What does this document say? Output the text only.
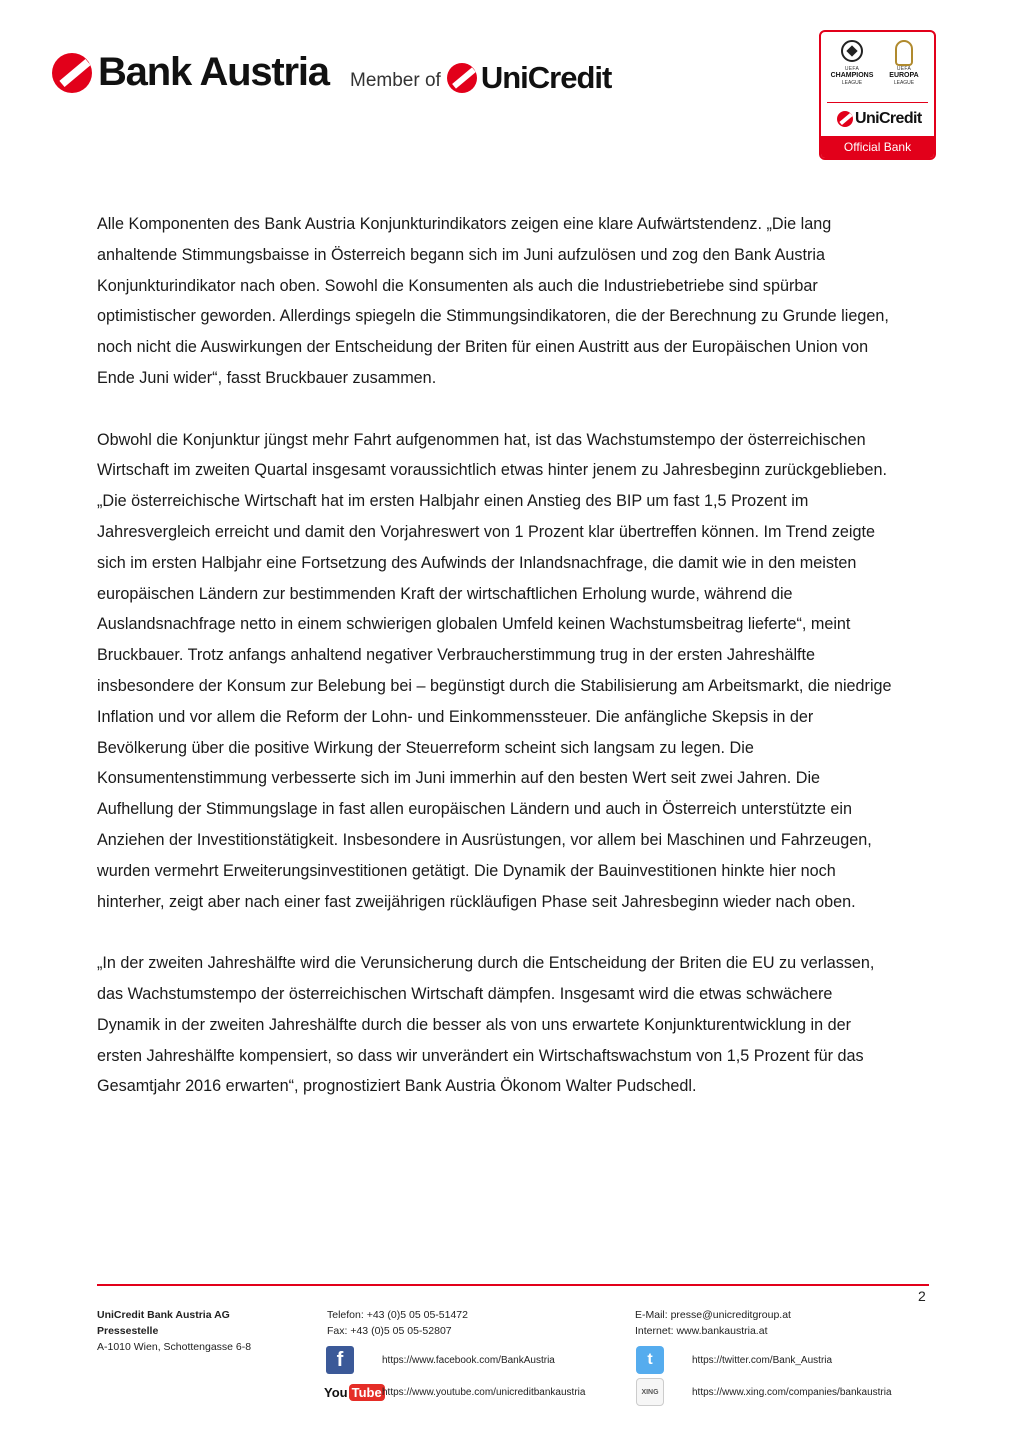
Bank Austria Member of UniCredit	UEFA
CHAMPIONS
LEAGUE
UEFA
EUROPA
LEAGUE
UniCredit
Official Bank

Alle Komponenten des Bank Austria Konjunkturindikators zeigen eine klare Aufwärtstendenz. „Die lang anhaltende Stimmungsbaisse in Österreich begann sich im Juni aufzulösen und zog den Bank Austria Konjunkturindikator nach oben. Sowohl die Konsumenten als auch die Industriebetriebe sind spürbar optimistischer geworden. Allerdings spiegeln die Stimmungsindikatoren, die der Berechnung zu Grunde liegen, noch nicht die Auswirkungen der Entscheidung der Briten für einen Austritt aus der Europäischen Union von Ende Juni wider“, fasst Bruckbauer zusammen.

Obwohl die Konjunktur jüngst mehr Fahrt aufgenommen hat, ist das Wachstumstempo der österreichischen Wirtschaft im zweiten Quartal insgesamt voraussichtlich etwas hinter jenem zu Jahresbeginn zurückgeblieben. „Die österreichische Wirtschaft hat im ersten Halbjahr einen Anstieg des BIP um fast 1,5 Prozent im Jahresvergleich erreicht und damit den Vorjahreswert von 1 Prozent klar übertreffen können. Im Trend zeigte sich im ersten Halbjahr eine Fortsetzung des Aufwinds der Inlandsnachfrage, die damit wie in den meisten europäischen Ländern zur bestimmenden Kraft der wirtschaftlichen Erholung wurde, während die Auslandsnachfrage netto in einem schwierigen globalen Umfeld keinen Wachstumsbeitrag lieferte“, meint Bruckbauer. Trotz anfangs anhaltend negativer Verbraucherstimmung trug in der ersten Jahreshälfte insbesondere der Konsum zur Belebung bei – begünstigt durch die Stabilisierung am Arbeitsmarkt, die niedrige Inflation und vor allem die Reform der Lohn- und Einkommenssteuer. Die anfängliche Skepsis in der Bevölkerung über die positive Wirkung der Steuerreform scheint sich langsam zu legen. Die Konsumentenstimmung verbesserte sich im Juni immerhin auf den besten Wert seit zwei Jahren. Die Aufhellung der Stimmungslage in fast allen europäischen Ländern und auch in Österreich unterstützte ein Anziehen der Investitionstätigkeit. Insbesondere in Ausrüstungen, vor allem bei Maschinen und Fahrzeugen, wurden vermehrt Erweiterungsinvestitionen getätigt. Die Dynamik der Bauinvestitionen hinkte hier noch hinterher, zeigt aber nach einer fast zweijährigen rückläufigen Phase seit Jahresbeginn wieder nach oben.

„In der zweiten Jahreshälfte wird die Verunsicherung durch die Entscheidung der Briten die EU zu verlassen, das Wachstumstempo der österreichischen Wirtschaft dämpfen. Insgesamt wird die etwas schwächere Dynamik in der zweiten Jahreshälfte durch die besser als von uns erwartete Konjunkturentwicklung in der ersten Jahreshälfte kompensiert, so dass wir unverändert ein Wirtschaftswachstum von 1,5 Prozent für das Gesamtjahr 2016 erwarten“, prognostiziert Bank Austria Ökonom Walter Pudschedl.

2
UniCredit Bank Austria AG
Pressestelle
A-1010 Wien, Schottengasse 6-8
Telefon: +43 (0)5 05 05-51472
Fax: +43 (0)5 05 05-52807
E-Mail: presse@unicreditgroup.at
Internet: www.bankaustria.at
f	https://www.facebook.com/BankAustria
You Tube https://www.youtube.com/unicreditbankaustria
t	https://twitter.com/Bank_Austria
XING	https://www.xing.com/companies/bankaustria
